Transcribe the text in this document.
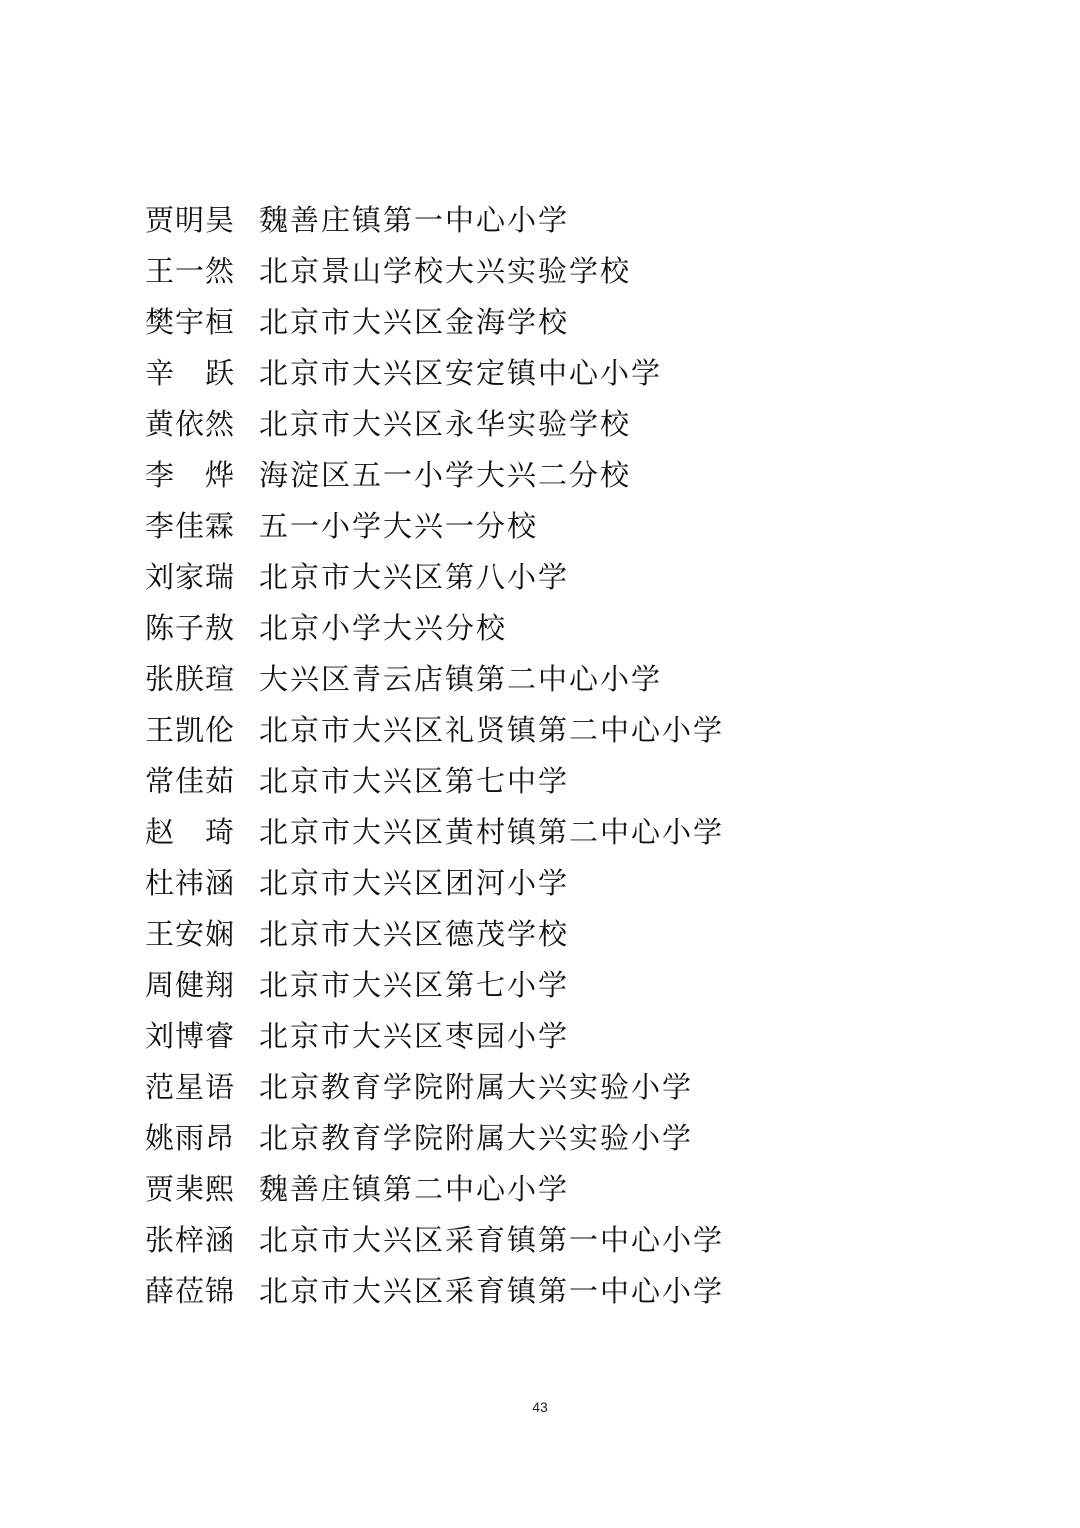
贾明昊 魏善庄镇第一中心小学
王一然 北京景山学校大兴实验学校
樊宇桓 北京市大兴区金海学校
辛　跃 北京市大兴区安定镇中心小学
黄依然 北京市大兴区永华实验学校
李　烨 海淀区五一小学大兴二分校
李佳霖 五一小学大兴一分校
刘家瑞 北京市大兴区第八小学
陈子敖 北京小学大兴分校
张朕瑄 大兴区青云店镇第二中心小学
王凯伦 北京市大兴区礼贤镇第二中心小学
常佳茹 北京市大兴区第七中学
赵　琦 北京市大兴区黄村镇第二中心小学
杜祎涵 北京市大兴区团河小学
王安娴 北京市大兴区德茂学校
周健翔 北京市大兴区第七小学
刘博睿 北京市大兴区枣园小学
范星语 北京教育学院附属大兴实验小学
姚雨昂 北京教育学院附属大兴实验小学
贾棐熙 魏善庄镇第二中心小学
张梓涵 北京市大兴区采育镇第一中心小学
薛莅锦 北京市大兴区采育镇第一中心小学
43
